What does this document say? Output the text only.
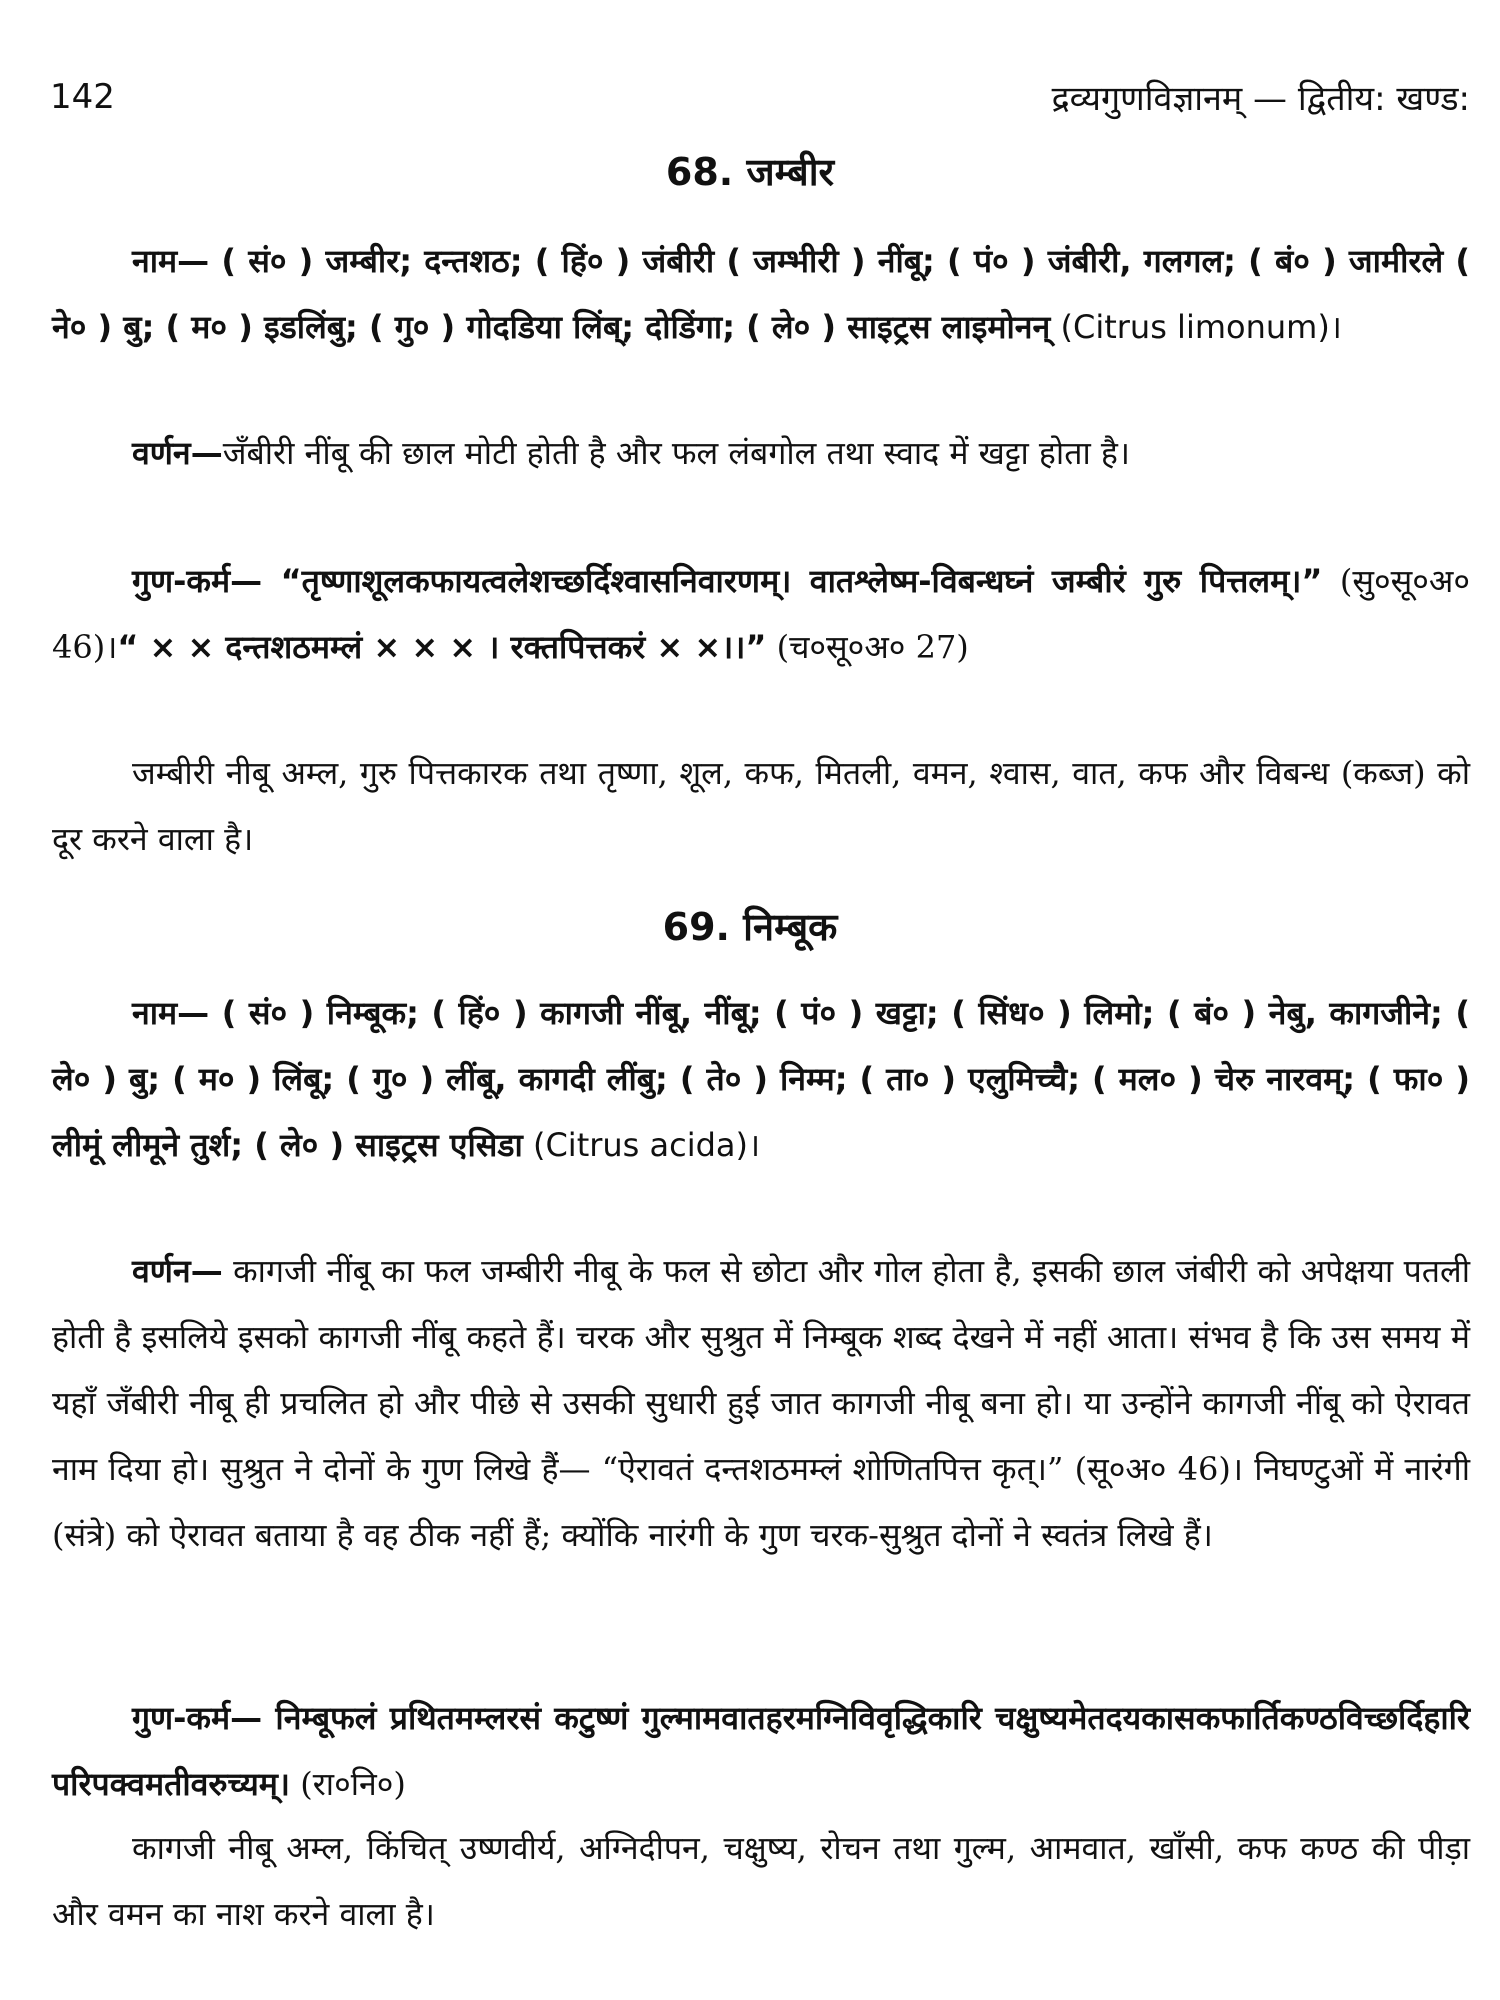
142	द्रव्यगुणविज्ञानम् — द्वितीय: खण्ड:
68. जम्बीर

नाम— ( सं० ) जम्बीर; दन्तशठ; ( हिं० ) जंबीरी ( जम्भीरी ) नींबू; ( पं० ) जंबीरी, गलगल; ( बं० ) जामीरले ( ने० ) बु; ( म० ) इडलिंबु; ( गु० ) गोदडिया लिंब्; दोडिंगा; ( ले० ) साइट्रस लाइमोनन् (Citrus limonum)।

वर्णन—जँबीरी नींबू की छाल मोटी होती है और फल लंबगोल तथा स्वाद में खट्टा होता है।

गुण-कर्म— “तृष्णाशूलकफायत्वलेशच्छर्दिश्वासनिवारणम्। वातश्लेष्म-विबन्धघ्नं जम्बीरं गुरु पित्तलम्।” (सु०सू०अ० 46)।“ × × दन्तशठमम्लं × × × । रक्तपित्तकरं × ×।।” (च०सू०अ० 27)

जम्बीरी नीबू अम्ल, गुरु पित्तकारक तथा तृष्णा, शूल, कफ, मितली, वमन, श्वास, वात, कफ और विबन्ध (कब्ज) को दूर करने वाला है।

69. निम्बूक

नाम— ( सं० ) निम्बूक; ( हिं० ) कागजी नींबू, नींबू; ( पं० ) खट्टा; ( सिंध० ) लिमो; ( बं० ) नेबु, कागजीने; ( ले० ) बु; ( म० ) लिंबू; ( गु० ) लींबू, कागदी लींबु; ( ते० ) निम्म; ( ता० ) एलुमिच्चै; ( मल० ) चेरु नारवम्; ( फा० ) लीमूं लीमूने तुर्श; ( ले० ) साइट्रस एसिडा (Citrus acida)।

वर्णन— कागजी नींबू का फल जम्बीरी नीबू के फल से छोटा और गोल होता है, इसकी छाल जंबीरी को अपेक्षया पतली होती है इसलिये इसको कागजी नींबू कहते हैं। चरक और सुश्रुत में निम्बूक शब्द देखने में नहीं आता। संभव है कि उस समय में यहाँ जँबीरी नीबू ही प्रचलित हो और पीछे से उसकी सुधारी हुई जात कागजी नीबू बना हो। या उन्होंने कागजी नींबू को ऐरावत नाम दिया हो। सुश्रुत ने दोनों के गुण लिखे हैं— “ऐरावतं दन्तशठमम्लं शोणितपित्त कृत्।” (सू०अ० 46)। निघण्टुओं में नारंगी (संत्रे) को ऐरावत बताया है वह ठीक नहीं हैं; क्योंकि नारंगी के गुण चरक-सुश्रुत दोनों ने स्वतंत्र लिखे हैं।

गुण-कर्म— निम्बूफलं प्रथितमम्लरसं कटुष्णं गुल्मामवातहरमग्निविवृद्धिकारि चक्षुष्यमेतदयकासकफार्तिकण्ठविच्छर्दिहारि परिपक्वमतीवरुच्यम्। (रा०नि०)

कागजी नीबू अम्ल, किंचित् उष्णवीर्य, अग्निदीपन, चक्षुष्य, रोचन तथा गुल्म, आमवात, खाँसी, कफ कण्ठ की पीड़ा और वमन का नाश करने वाला है।
